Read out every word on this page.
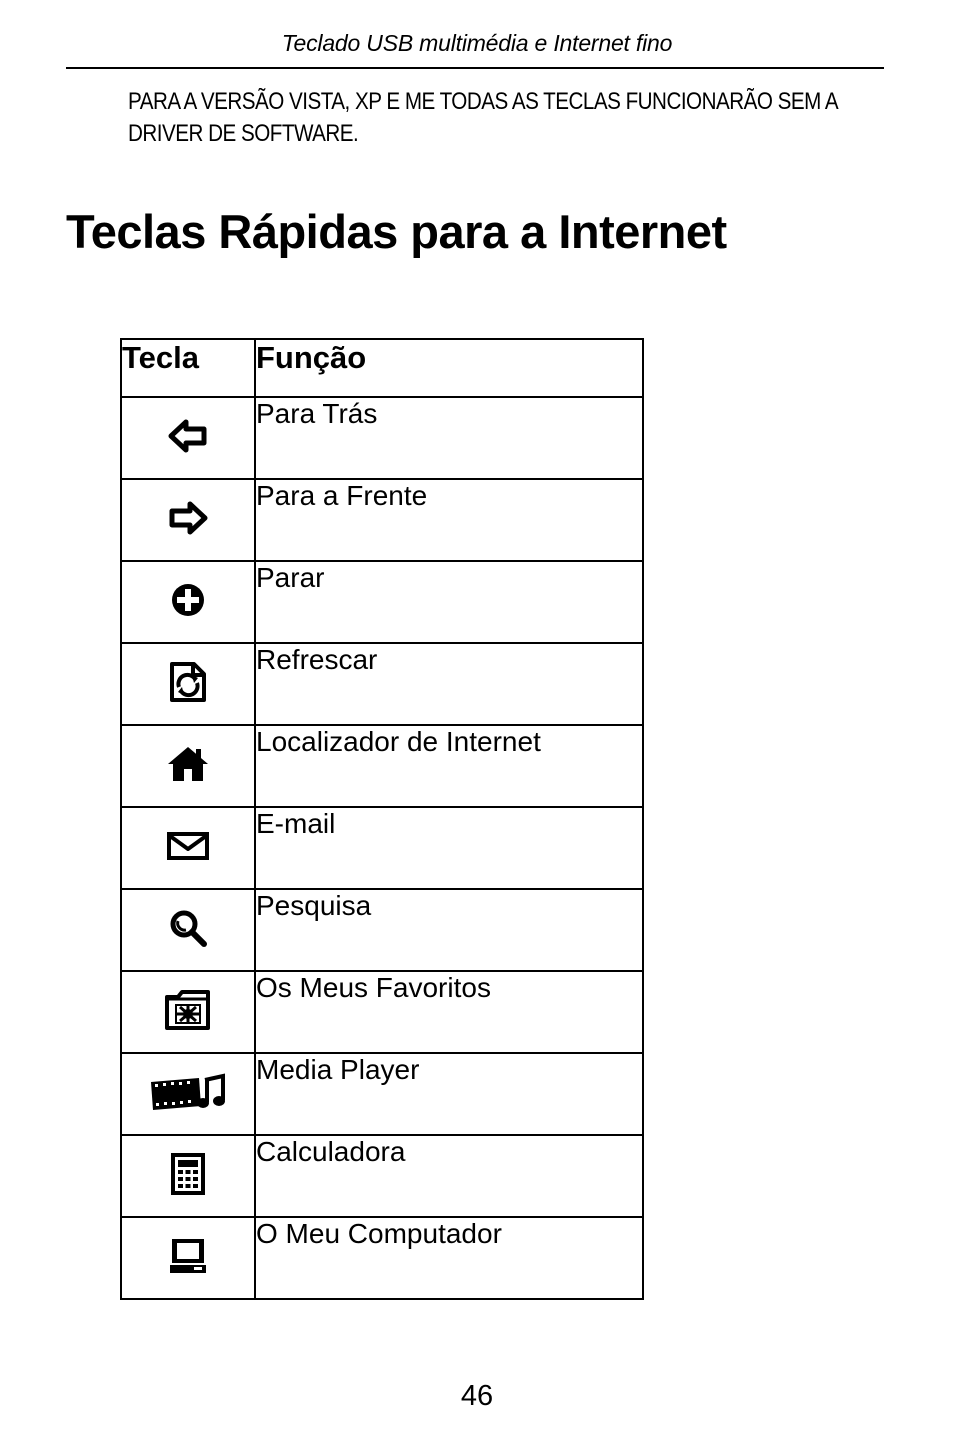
Teclado USB multimédia e Internet fino
PARA A VERSÃO VISTA, XP E ME TODAS AS TECLAS FUNCIONARÃO SEM A DRIVER DE SOFTWARE.
Teclas Rápidas para a Internet
Tecla	Função

	Para Trás

	Para a Frente

	Parar

	Refrescar

	Localizador de Internet

	E-mail

	Pesquisa

	Os Meus Favoritos

	Media Player

	Calculadora

	O Meu Computador
46
